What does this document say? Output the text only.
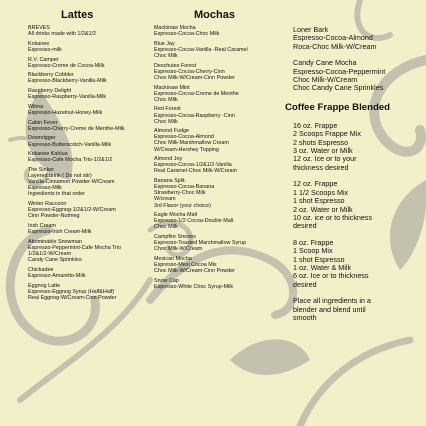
Lattes
BREVES
All drinks made with 1/2&1/2
Kokanee
Espresso-milk
R.V. Camper
Espresso-Creme de Cocoa-Milk
Blackberry Cobbler
Espresso-Blackberry-Vanilla-Milk
Raspberry Delight
Espresso-Raspberry-Vanilla-Milk
Wilma
Espresso-Hazelnut-Honey-Milk
Cabin Fever
Espresso-Cherry-Creme de Menthe-Milk
Downrigger
Espresso-Butterscotch-Vanilla-Milk
Kokanee Kahlua
Espresso-Cafe Mocha Trio-1/2&1/2
The Sinker
Layered drink ( Do not stir)
Vanilla-Cinnamon Powder-W/Cream
Espresso-Milk
Ingredients in that order
Winter Raccoon
Espresso-Eggnog-1/2&1/2-W/Cream
Cinn Powder-Nutmeg
Irish Cream
Espresso-Irish Cream-Milk
Abominable Snowman
Espresso-Peppermint-Cafe Mocha Trio
1/2&1/2-W/Cream
Candy Cane Sprinkles
Chickadee
Espresso-Amaretto-Milk
Eggnog Latte
Espresso-Eggnog Syrup (Half&Half)
Real Eggnog-W/Cream-Cinn Powder
Mochas
Mackinaw Mocha
Espresso-Cocoa-Choc Milk
Blue Jay
Espresso-Cocoa-Vanilla -Real Caramel
Choc Milk
Deschutes Forest
Espresso-Cocoa-Cherry-Cinn
Choc Milk-W/Cream-Cinn Powder
Mackinaw Mint
Espresso-Cocoa-Creme de Menthe
Choc Milk
Red Forest
Espresso-Cocoa-Raspberry -Cinn
Choc Milk
Almond Fudge
Espresso-Cocoa-Almond
Choc Milk-Marshmallow Cream
W/Cream-Hershey Topping
Almond Joy
Espresso-Cocoa-1/2&1/2-Vanilla
Real Caramel-Choc Milk-W/Cream
Banana Split
Espresso-Cocoa-Banana
Strawberry-Choc Milk
W/cream
3rd Flavor (your choice)
Eagle Mocha Malt
Espresso-1/2 Cocoa-Double Malt
Choc Milk
Campfire Smores
Espresso-Toasted Marshmallow Syrup
Choc Milk-W/Cream
Mexican Mocha
Espresso-Mexi Cocoa Mix
Choc Milk-W/Cream-Cinn Powder
Snow Cap
Espresso-White Choc Syrup-Milk
Loner Bark
Espresso-Cocoa-Almond
Roca-Choc Milk-W/Cream
Candy Cane Mocha
Espresso-Cocoa-Peppermint
Choc Milk-W/Cream
Choc Candy Cane Sprinkles
Coffee Frappe Blended
16 oz. Frappe
2 Scoops Frappe Mix
2 shots Espresso
3 oz. Water or Milk
12 oz. Ice or to your
thickness desired
12 oz. Frappe
1 1/2 Scoops Mix
1 shot Espresso
2 oz. Water or Milk
10 oz. ice or to thickness
desired
8 oz. Frappe
1 Scoop Mix
1 shot Espresso
1 oz. Water & Milk
6 oz. Ice or to thickness
desired
Place all ingredients in a
blender and blend until
smooth
